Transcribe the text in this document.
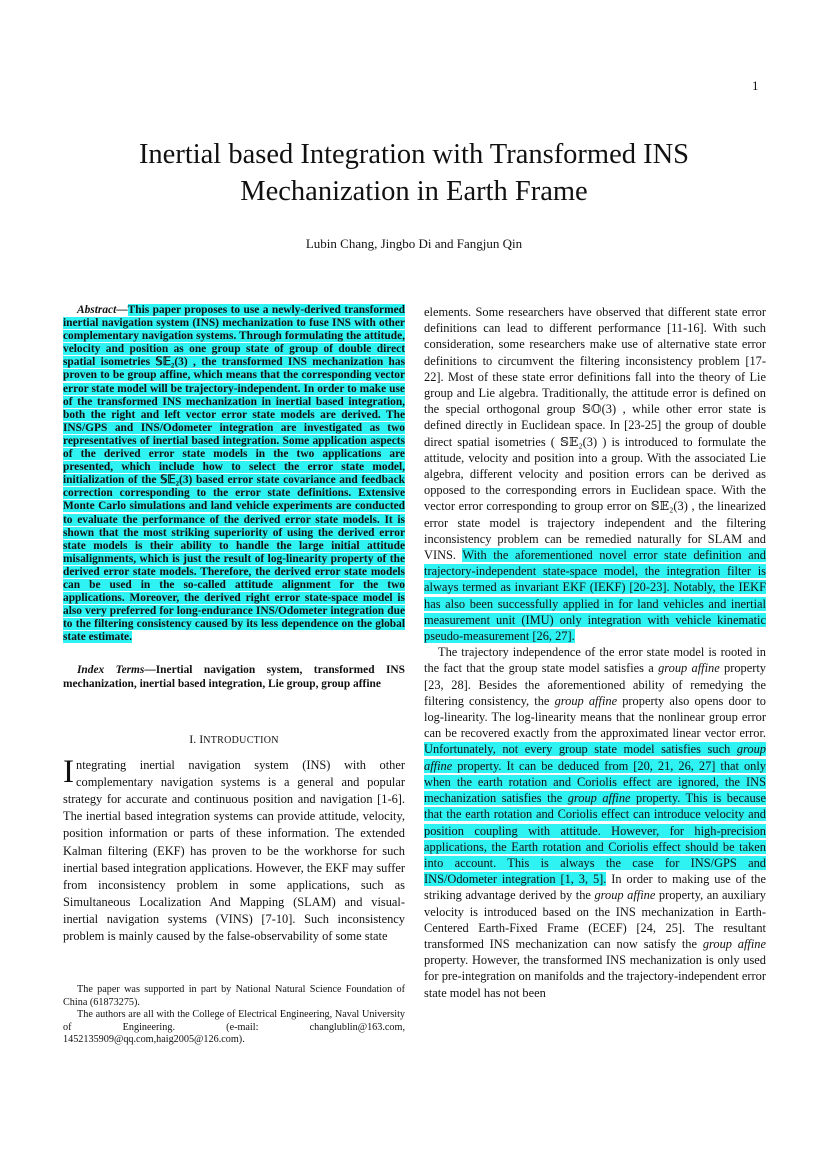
1
Inertial based Integration with Transformed INS
Mechanization in Earth Frame
Lubin Chang, Jingbo Di and Fangjun Qin

Abstract—This paper proposes to use a newly-derived transformed inertial navigation system (INS) mechanization to fuse INS with other complementary navigation systems. Through formulating the attitude, velocity and position as one group state of group of double direct spatial isometries 𝕊𝔼₂(3) , the transformed INS mechanization has proven to be group affine, which means that the corresponding vector error state model will be trajectory-independent. In order to make use of the transformed INS mechanization in inertial based integration, both the right and left vector error state models are derived. The INS/GPS and INS/Odometer integration are investigated as two representatives of inertial based integration. Some application aspects of the derived error state models in the two applications are presented, which include how to select the error state model, initialization of the 𝕊𝔼₂(3) based error state covariance and feedback correction corresponding to the error state definitions. Extensive Monte Carlo simulations and land vehicle experiments are conducted to evaluate the performance of the derived error state models. It is shown that the most striking superiority of using the derived error state models is their ability to handle the large initial attitude misalignments, which is just the result of log-linearity property of the derived error state models. Therefore, the derived error state models can be used in the so-called attitude alignment for the two applications. Moreover, the derived right error state-space model is also very preferred for long-endurance INS/Odometer integration due to the filtering consistency caused by its less dependence on the global state estimate.

Index Terms—Inertial navigation system, transformed INS mechanization, inertial based integration, Lie group, group affine

I. INTRODUCTION

Integrating inertial navigation system (INS) with other complementary navigation systems is a general and popular strategy for accurate and continuous position and navigation [1-6]. The inertial based integration systems can provide attitude, velocity, position information or parts of these information. The extended Kalman filtering (EKF) has proven to be the workhorse for such inertial based integration applications. However, the EKF may suffer from inconsistency problem in some applications, such as Simultaneous Localization And Mapping (SLAM) and visual-inertial navigation systems (VINS) [7-10]. Such inconsistency problem is mainly caused by the false-observability of some state

The paper was supported in part by National Natural Science Foundation of China (61873275).

The authors are all with the College of Electrical Engineering, Naval University of Engineering. (e-mail: changlublin@163.com, 1452135909@qq.com,haig2005@126.com).

elements. Some researchers have observed that different state error definitions can lead to different performance [11-16]. With such consideration, some researchers make use of alternative state error definitions to circumvent the filtering inconsistency problem [17-22]. Most of these state error definitions fall into the theory of Lie group and Lie algebra. Traditionally, the attitude error is defined on the special orthogonal group 𝕊𝕆(3) , while other error state is defined directly in Euclidean space. In [23-25] the group of double direct spatial isometries ( 𝕊𝔼₂(3) ) is introduced to formulate the attitude, velocity and position into a group. With the associated Lie algebra, different velocity and position errors can be derived as opposed to the corresponding errors in Euclidean space. With the vector error corresponding to group error on 𝕊𝔼₂(3) , the linearized error state model is trajectory independent and the filtering inconsistency problem can be remedied naturally for SLAM and VINS. With the aforementioned novel error state definition and trajectory-independent state-space model, the integration filter is always termed as invariant EKF (IEKF) [20-23]. Notably, the IEKF has also been successfully applied in for land vehicles and inertial measurement unit (IMU) only integration with vehicle kinematic pseudo-measurement [26, 27].

The trajectory independence of the error state model is rooted in the fact that the group state model satisfies a group affine property [23, 28]. Besides the aforementioned ability of remedying the filtering consistency, the group affine property also opens door to log-linearity. The log-linearity means that the nonlinear group error can be recovered exactly from the approximated linear vector error. Unfortunately, not every group state model satisfies such group affine property. It can be deduced from [20, 21, 26, 27] that only when the earth rotation and Coriolis effect are ignored, the INS mechanization satisfies the group affine property. This is because that the earth rotation and Coriolis effect can introduce velocity and position coupling with attitude. However, for high-precision applications, the Earth rotation and Coriolis effect should be taken into account. This is always the case for INS/GPS and INS/Odometer integration [1, 3, 5]. In order to making use of the striking advantage derived by the group affine property, an auxiliary velocity is introduced based on the INS mechanization in Earth-Centered Earth-Fixed Frame (ECEF) [24, 25]. The resultant transformed INS mechanization can now satisfy the group affine property. However, the transformed INS mechanization is only used for pre-integration on manifolds and the trajectory-independent error state model has not been
